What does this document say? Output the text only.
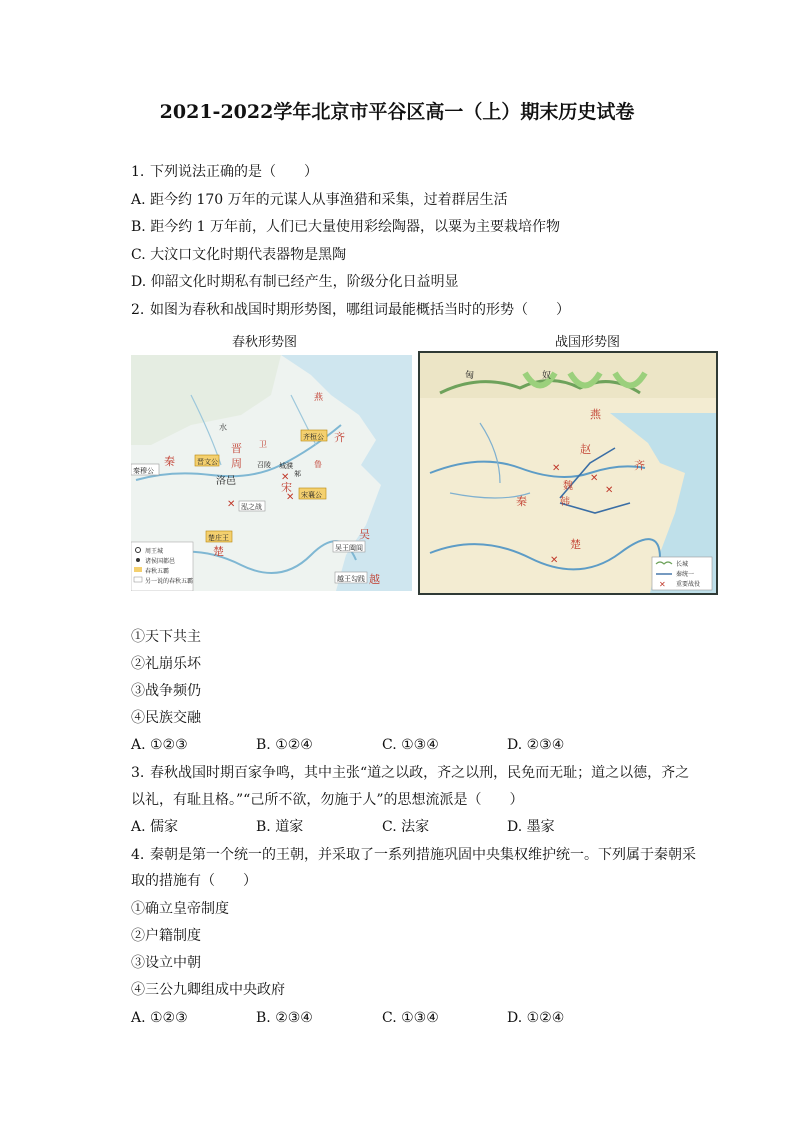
2021-2022学年北京市平谷区高一（上）期末历史试卷
1. 下列说法正确的是（　　）
A. 距今约 170 万年的元谋人从事渔猎和采集，过着群居生活
B. 距今约 1 万年前，人们已大量使用彩绘陶器，以粟为主要栽培作物
C. 大汶口文化时期代表器物是黑陶
D. 仰韶文化时期私有制已经产生，阶级分化日益明显
2. 如图为春秋和战国时期形势图，哪组词最能概括当时的形势（　　）
春秋形势图	战国形势图
燕
齐
晋 卫
鲁
秦	周
宋
洛邑
晋文公
齐桓公
秦穆公
宋襄公
楚庄王
楚
吴
越
吴王阖闾
越王勾践
城濮
召陵
泓之战
邾
水
✕
✕
✕
周王城
诸侯国都邑
春秋五霸
另一说的春秋五霸
匈	奴
燕
赵
齐
魏
韩
秦
楚
✕
✕
✕
✕	长城
秦统一
✕ 重要战役
①天下共主
②礼崩乐坏
③战争频仍
④民族交融
A. ①②③	B. ①②④	C. ①③④	D. ②③④
3. 春秋战国时期百家争鸣，其中主张“道之以政，齐之以刑，民免而无耻；道之以德，齐之
以礼，有耻且格。”“己所不欲，勿施于人”的思想流派是（　　）
A. 儒家	B. 道家	C. 法家	D. 墨家
4. 秦朝是第一个统一的王朝，并采取了一系列措施巩固中央集权维护统一。下列属于秦朝采
取的措施有（　　）
①确立皇帝制度
②户籍制度
③设立中朝
④三公九卿组成中央政府
A. ①②③	B. ②③④	C. ①③④	D. ①②④
